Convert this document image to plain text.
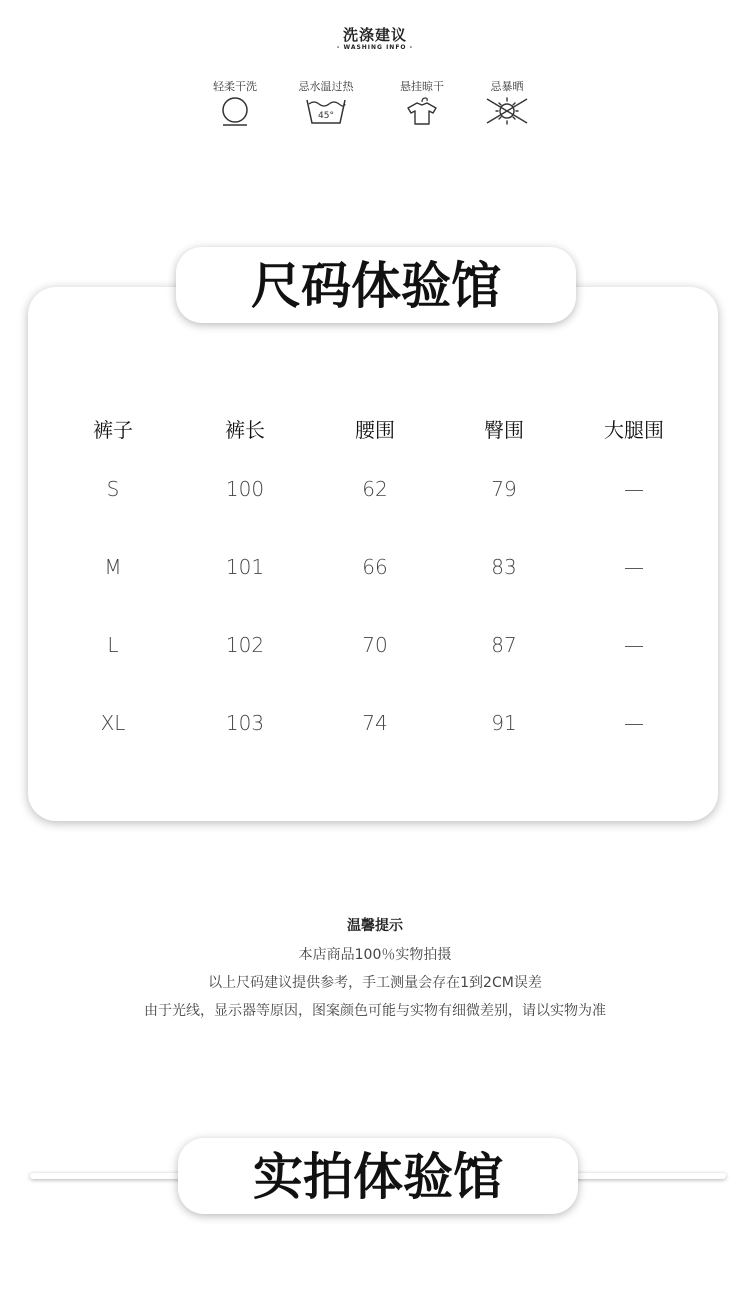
洗涤建议
- WASHING INFO -
轻柔干洗	忌水温过热
45°
悬挂晾干	忌暴晒
尺码体验馆
裤子	裤长	腰围	臀围	大腿围
S	100	62	79	—
M	101	66	83	—
L	102	70	87	—
XL	103	74	91	—
温馨提示
本店商品100％实物拍摄
以上尺码建议提供参考，手工测量会存在1到2CM误差
由于光线，显示器等原因，图案颜色可能与实物有细微差别，请以实物为准
实拍体验馆
